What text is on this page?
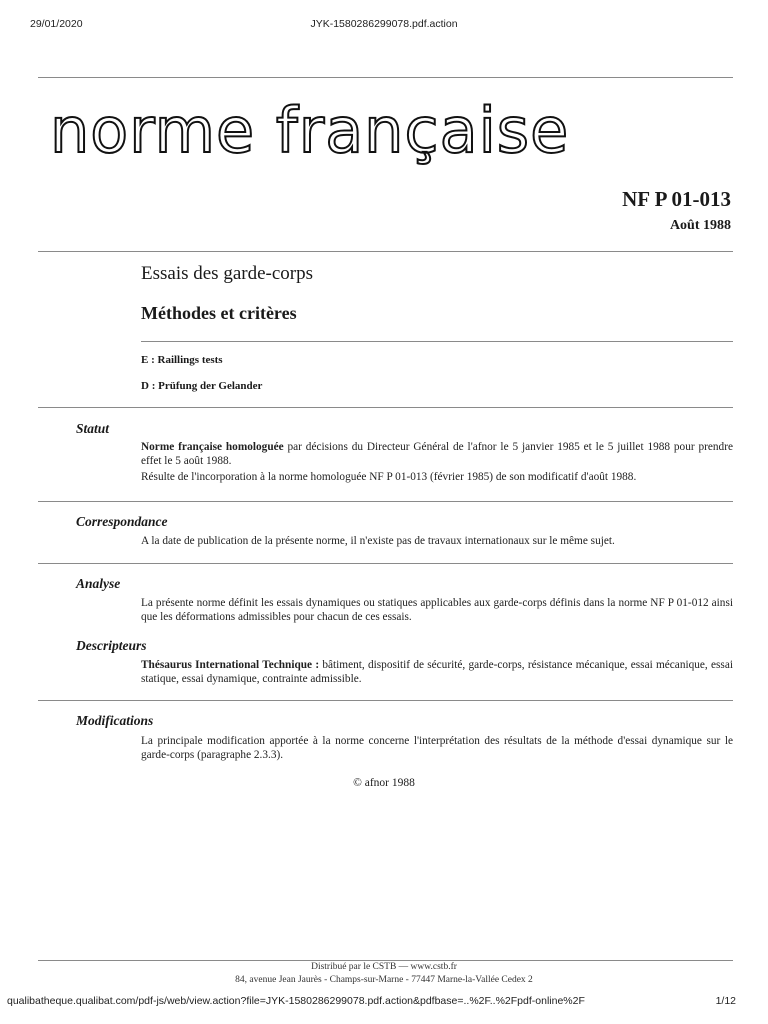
29/01/2020	JYK-1580286299078.pdf.action
norme française
NF P 01-013
Août 1988
Essais des garde-corps
Méthodes et critères
E : Raillings tests
D : Prüfung der Gelander
Statut

Norme française homologuée par décisions du Directeur Général de l'afnor le 5 janvier 1985 et le 5 juillet 1988 pour prendre effet le 5 août 1988.

Résulte de l'incorporation à la norme homologuée NF P 01-013 (février 1985) de son modificatif d'août 1988.

Correspondance

A la date de publication de la présente norme, il n'existe pas de travaux internationaux sur le même sujet.

Analyse

La présente norme définit les essais dynamiques ou statiques applicables aux garde-corps définis dans la norme NF P 01-012 ainsi que les déformations admissibles pour chacun de ces essais.

Descripteurs

Thésaurus International Technique : bâtiment, dispositif de sécurité, garde-corps, résistance mécanique, essai mécanique, essai statique, essai dynamique, contrainte admissible.

Modifications

La principale modification apportée à la norme concerne l'interprétation des résultats de la méthode d'essai dynamique sur le garde-corps (paragraphe 2.3.3).

© afnor 1988
Distribué par le CSTB — www.cstb.fr
84, avenue Jean Jaurès - Champs-sur-Marne - 77447 Marne-la-Vallée Cedex 2
qualibatheque.qualibat.com/pdf-js/web/view.action?file=JYK-1580286299078.pdf.action&pdfbase=..%2F..%2Fpdf-online%2F	1/12
